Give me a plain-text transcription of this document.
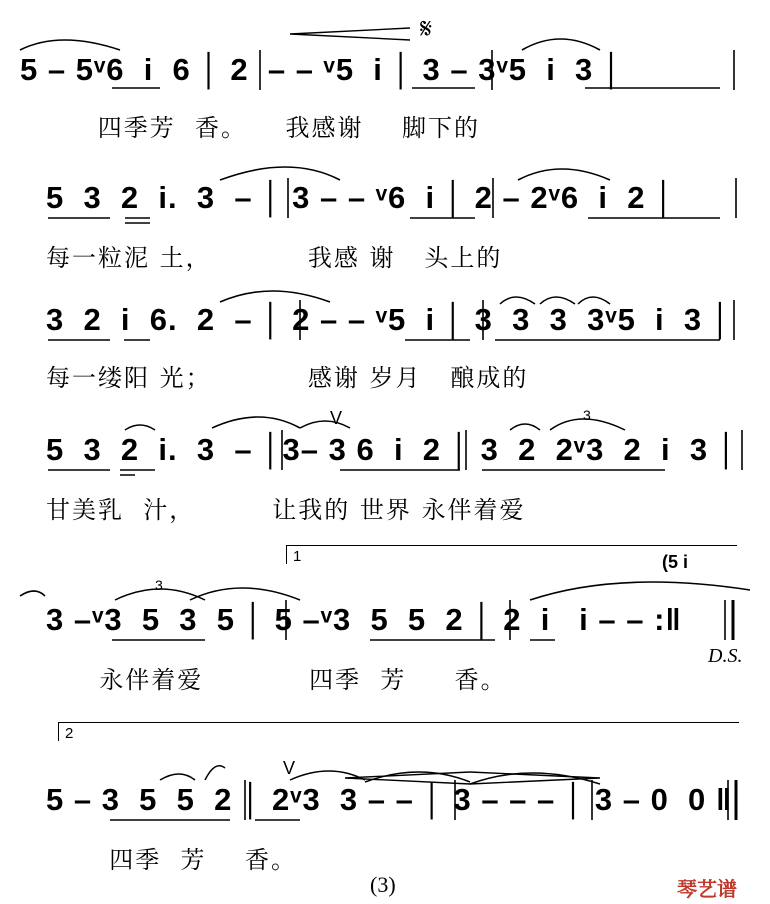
𝄋
5 – 5ᵛ6  i  6 │ 2  – – ᵛ5  i │ 3 – 3ᵛ5  i  3 │
四季芳  香。    我感谢    脚下的
5  3  2  i.  3  – │ 3 – – ᵛ6  i │ 2 – 2ᵛ6  i  2 │
每一粒泥 土，          我感 谢   头上的
3  2  i  6.  2  – │ 2 – – ᵛ5  i │ 3  3  3  3ᵛ5  i  3 │
每一缕阳 光；          感谢 岁月   酿成的
3
V
5  3  2  i.  3  – │3– 3 6  i  2 │ 3  2  2ᵛ3  2  i  3 │
甘美乳  汁，        让我的 世界 永伴着爱
1	(5 i
3
3 –ᵛ3  5  3  5 │ 5 –ᵛ3  5  5  2 │ 2  i   i – – :‖
永伴着爱           四季  芳     香。
D.S.
2
V
5 – 3  5  5  2 │ 2ᵛ3  3 – – │ 3 – – – │ 3 – 0  0 ‖
四季  芳    香。
(3)	琴艺谱
